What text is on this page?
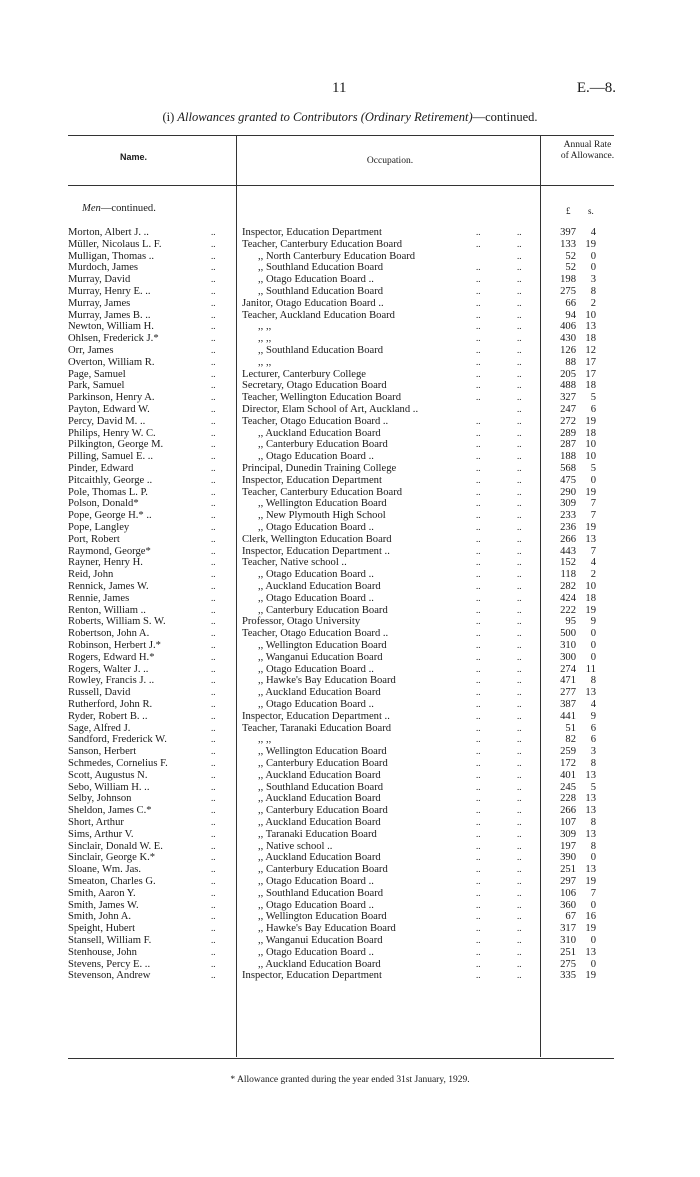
11	E.—8.
(i) Allowances granted to Contributors (Ordinary Retirement)—continued.
Name.	Occupation.
Annual Rate
of Allowance.
Men—continued.	£ s.
Morton, Albert J. ..	..	Inspector, Education Department	..	..	397	4
Müller, Nicolaus L. F.	..	Teacher, Canterbury Education Board	..	..	133 19
Mulligan, Thomas ..	..	,, North Canterbury Education Board	..	52	0
Murdoch, James	..	,, Southland Education Board	..	..	52	0
Murray, David	..	,, Otago Education Board ..	..	..	198	3
Murray, Henry E. ..	..	,, Southland Education Board	..	..	275	8
Murray, James	..	Janitor, Otago Education Board ..	..	..	66	2
Murray, James B. ..	..	Teacher, Auckland Education Board	..	..	94 10
Newton, William H.	..	,, ,,	..	..	406 13
Ohlsen, Frederick J.*	..	,, ,,	..	..	430 18
Orr, James	..	,, Southland Education Board	..	..	126 12
Overton, William R.	..	,, ,,	..	..	88 17
Page, Samuel	..	Lecturer, Canterbury College	..	..	205 17
Park, Samuel	..	Secretary, Otago Education Board	..	..	488 18
Parkinson, Henry A.	..	Teacher, Wellington Education Board	..	..	327	5
Payton, Edward W.	..	Director, Elam School of Art, Auckland ..	..	247	6
Percy, David M. ..	..	Teacher, Otago Education Board ..	..	..	272 19
Philips, Henry W. C.	..	,, Auckland Education Board	..	..	289 18
Pilkington, George M.	..	,, Canterbury Education Board	..	..	287 10
Pilling, Samuel E. ..	..	,, Otago Education Board ..	..	..	188 10
Pinder, Edward	..	Principal, Dunedin Training College	..	..	568	5
Pitcaithly, George ..	..	Inspector, Education Department	..	..	475	0
Pole, Thomas L. P.	..	Teacher, Canterbury Education Board	..	..	290 19
Polson, Donald*	..	,, Wellington Education Board	..	..	309	7
Pope, George H.* ..	..	,, New Plymouth High School	..	..	233	7
Pope, Langley	..	,, Otago Education Board ..	..	..	236 19
Port, Robert	..	Clerk, Wellington Education Board	..	..	266 13
Raymond, George*	..	Inspector, Education Department ..	..	..	443	7
Rayner, Henry H.	..	Teacher, Native school ..	..	..	152	4
Reid, John	..	,, Otago Education Board ..	..	..	118	2
Rennick, James W.	..	,, Auckland Education Board	..	..	282 10
Rennie, James	..	,, Otago Education Board ..	..	..	424 18
Renton, William ..	..	,, Canterbury Education Board	..	..	222 19
Roberts, William S. W.	..	Professor, Otago University	..	..	95	9
Robertson, John A.	..	Teacher, Otago Education Board ..	..	..	500	0
Robinson, Herbert J.*	..	,, Wellington Education Board	..	..	310	0
Rogers, Edward H.*	..	,, Wanganui Education Board	..	..	300	0
Rogers, Walter J. ..	..	,, Otago Education Board ..	..	..	274 11
Rowley, Francis J. ..	..	,, Hawke's Bay Education Board	..	..	471	8
Russell, David	..	,, Auckland Education Board	..	..	277 13
Rutherford, John R.	..	,, Otago Education Board ..	..	..	387	4
Ryder, Robert B. ..	..	Inspector, Education Department ..	..	..	441	9
Sage, Alfred J.	..	Teacher, Taranaki Education Board	..	..	51	6
Sandford, Frederick W.	..	,, ,,	..	..	82	6
Sanson, Herbert	..	,, Wellington Education Board	..	..	259	3
Schmedes, Cornelius F.	..	,, Canterbury Education Board	..	..	172	8
Scott, Augustus N.	..	,, Auckland Education Board	..	..	401 13
Sebo, William H. ..	..	,, Southland Education Board	..	..	245	5
Selby, Johnson	..	,, Auckland Education Board	..	..	228 13
Sheldon, James C.*	..	,, Canterbury Education Board	..	..	266 13
Short, Arthur	..	,, Auckland Education Board	..	..	107	8
Sims, Arthur V.	..	,, Taranaki Education Board	..	..	309 13
Sinclair, Donald W. E.	..	,, Native school ..	..	..	197	8
Sinclair, George K.*	..	,, Auckland Education Board	..	..	390	0
Sloane, Wm. Jas.	..	,, Canterbury Education Board	..	..	251 13
Smeaton, Charles G.	..	,, Otago Education Board ..	..	..	297 19
Smith, Aaron Y.	..	,, Southland Education Board	..	..	106	7
Smith, James W.	..	,, Otago Education Board ..	..	..	360	0
Smith, John A.	..	,, Wellington Education Board	..	..	67 16
Speight, Hubert	..	,, Hawke's Bay Education Board	..	..	317 19
Stansell, William F.	..	,, Wanganui Education Board	..	..	310	0
Stenhouse, John	..	,, Otago Education Board ..	..	..	251 13
Stevens, Percy E. ..	..	,, Auckland Education Board	..	..	275	0
Stevenson, Andrew	..	Inspector, Education Department	..	..	335 19
* Allowance granted during the year ended 31st January, 1929.
